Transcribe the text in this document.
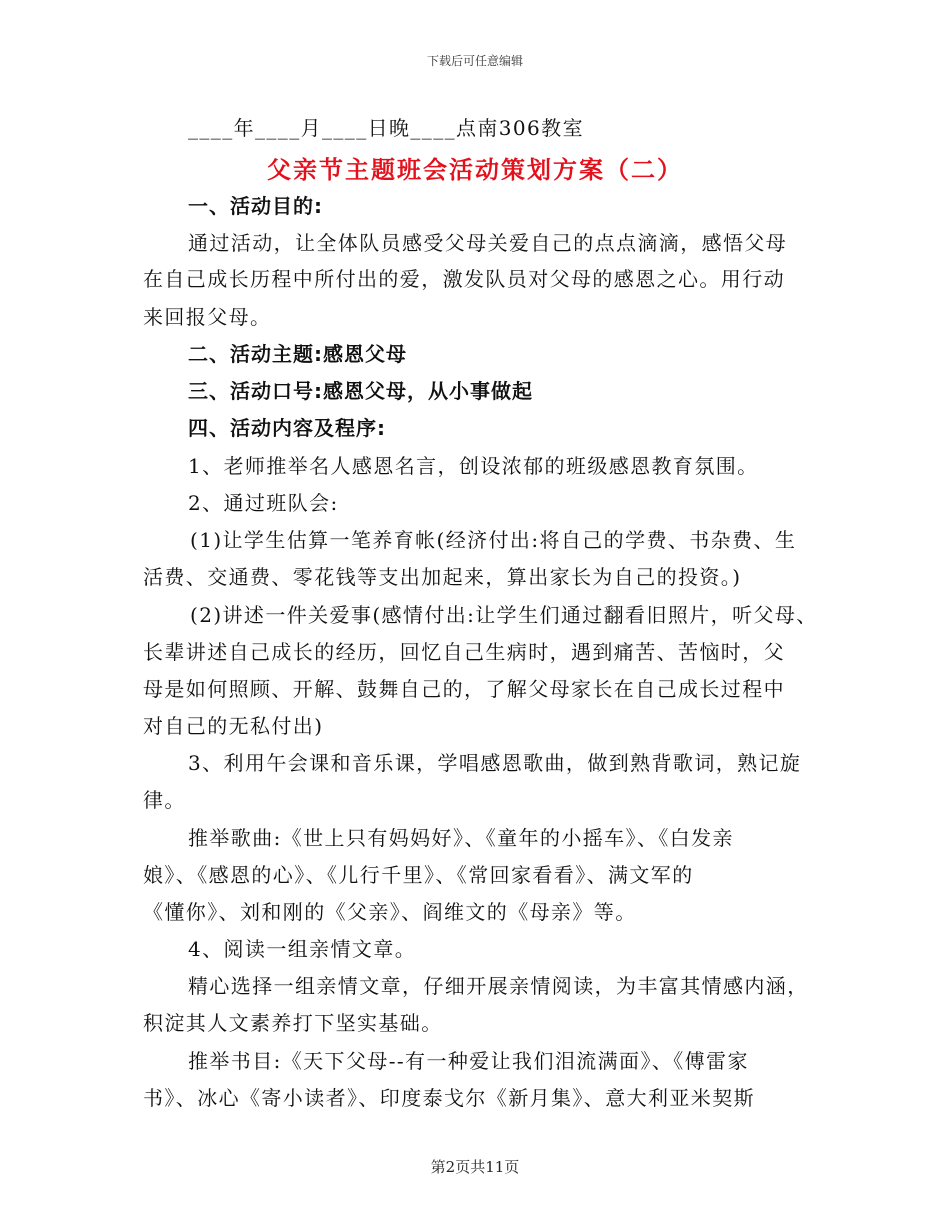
下载后可任意编辑
____年____月____日晚____点南306教室
父亲节主题班会活动策划方案（二）
一、活动目的:
通过活动，让全体队员感受父母关爱自己的点点滴滴，感悟父母
在自己成长历程中所付出的爱，激发队员对父母的感恩之心。用行动
来回报父母。
二、活动主题:感恩父母
三、活动口号:感恩父母，从小事做起
四、活动内容及程序:
1、老师推举名人感恩名言，创设浓郁的班级感恩教育氛围。
2、通过班队会:
(1)让学生估算一笔养育帐(经济付出:将自己的学费、书杂费、生
活费、交通费、零花钱等支出加起来，算出家长为自己的投资。)
(2)讲述一件关爱事(感情付出:让学生们通过翻看旧照片，听父母、
长辈讲述自己成长的经历，回忆自己生病时，遇到痛苦、苦恼时，父
母是如何照顾、开解、鼓舞自己的，了解父母家长在自己成长过程中
对自己的无私付出)
3、利用午会课和音乐课，学唱感恩歌曲，做到熟背歌词，熟记旋
律。
推举歌曲:《世上只有妈妈好》、《童年的小摇车》、《白发亲
娘》、《感恩的心》、《儿行千里》、《常回家看看》、满文军的
《懂你》、刘和刚的《父亲》、阎维文的《母亲》等。
4、阅读一组亲情文章。
精心选择一组亲情文章，仔细开展亲情阅读，为丰富其情感内涵，
积淀其人文素养打下坚实基础。
推举书目:《天下父母--有一种爱让我们泪流满面》、《傅雷家
书》、冰心《寄小读者》、印度泰戈尔《新月集》、意大利亚米契斯
第2页共11页
